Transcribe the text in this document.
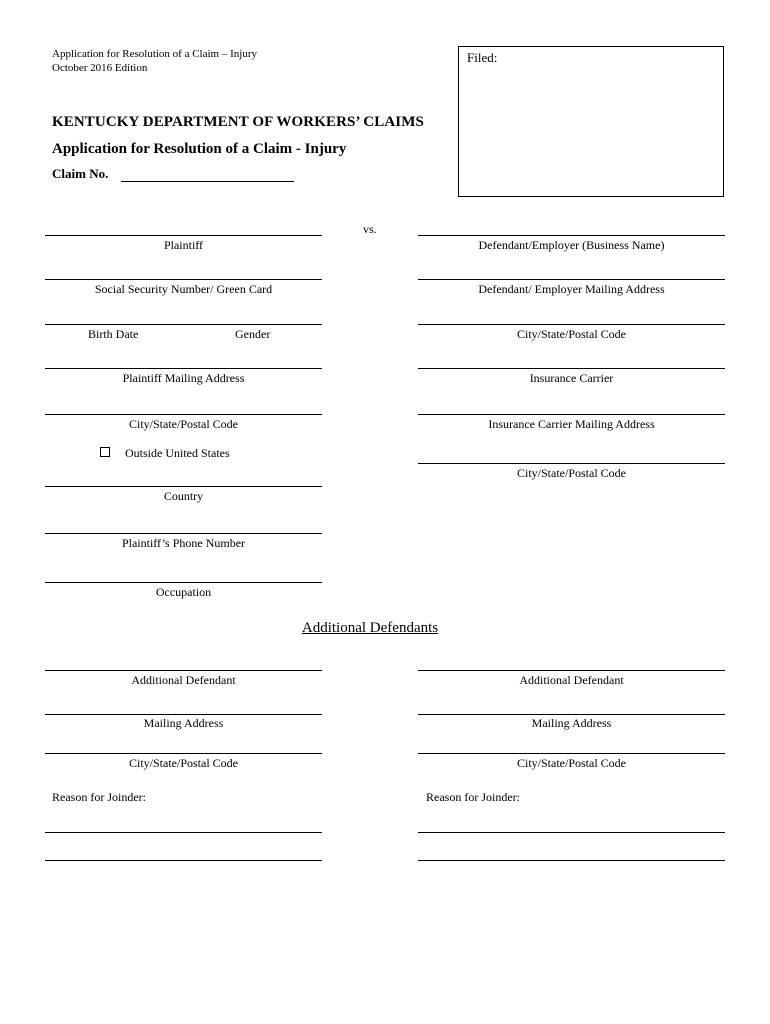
Application for Resolution of a Claim – Injury
October 2016 Edition
Filed:
KENTUCKY DEPARTMENT OF WORKERS’ CLAIMS
Application for Resolution of a Claim - Injury
Claim No.
vs.
Plaintiff
Social Security Number/ Green Card
Birth Date	Gender
Plaintiff Mailing Address
City/State/Postal Code
Outside United States
Country
Plaintiff’s Phone Number
Occupation
Defendant/Employer (Business Name)
Defendant/ Employer Mailing Address
City/State/Postal Code
Insurance Carrier
Insurance Carrier Mailing Address
City/State/Postal Code
Additional Defendants
Additional Defendant	Additional Defendant
Mailing Address	Mailing Address
City/State/Postal Code	City/State/Postal Code
Reason for Joinder:	Reason for Joinder:
